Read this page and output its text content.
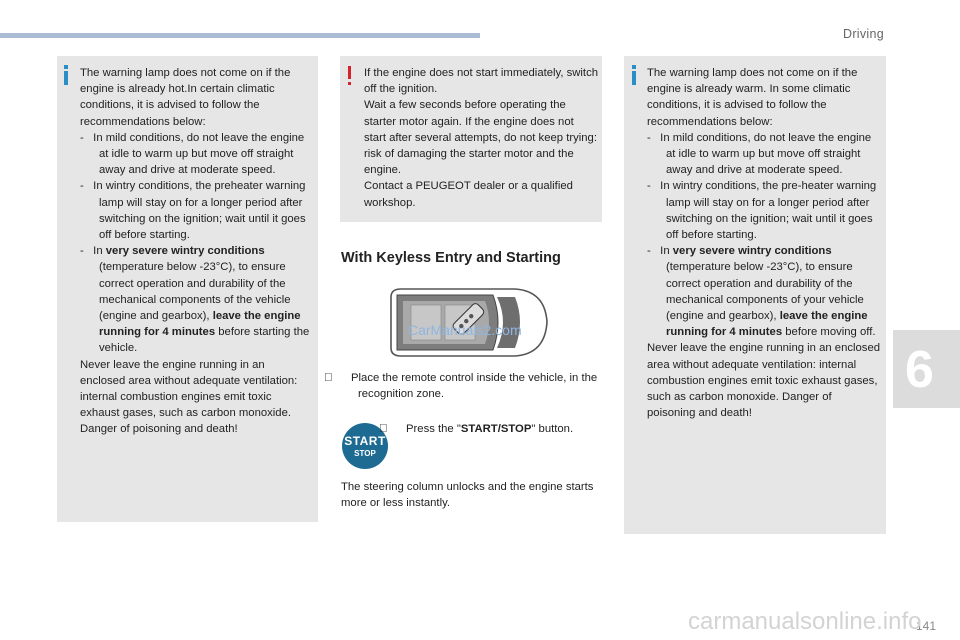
Driving
6

The warning lamp does not come on if the engine is already hot.In certain climatic conditions, it is advised to follow the recommendations below:

-   In mild conditions, do not leave the engine at idle to warm up but move off straight away and drive at moderate speed.
-   In wintry conditions, the preheater warning lamp will stay on for a longer period after switching on the ignition; wait until it goes off before starting.
-   In very severe wintry conditions (temperature below -23°C), to ensure correct operation and durability of the mechanical components of the vehicle (engine and gearbox), leave the engine running for 4 minutes before starting the vehicle.

Never leave the engine running in an enclosed area without adequate ventilation: internal combustion engines emit toxic exhaust gases, such as carbon monoxide. Danger of poisoning and death!

If the engine does not start immediately, switch off the ignition.

Wait a few seconds before operating the starter motor again. If the engine does not start after several attempts, do not keep trying: risk of damaging the starter motor and the engine.

Contact a PEUGEOT dealer or a qualified workshop.

With Keyless Entry and Starting
CarManuals2.com
Place the remote control inside the vehicle, in the recognition zone.
START
STOP
Press the "START/STOP" button.
The steering column unlocks and the engine starts more or less instantly.

The warning lamp does not come on if the engine is already warm. In some climatic conditions, it is advised to follow the recommendations below:

-   In mild conditions, do not leave the engine at idle to warm up but move off straight away and drive at moderate speed.
-   In wintry conditions, the pre-heater warning lamp will stay on for a longer period after switching on the ignition; wait until it goes off before starting.
-   In very severe wintry conditions (temperature below -23°C), to ensure correct operation and durability of the mechanical components of your vehicle (engine and gearbox), leave the engine running for 4 minutes before moving off.

Never leave the engine running in an enclosed area without adequate ventilation: internal combustion engines emit toxic exhaust gases, such as carbon monoxide. Danger of poisoning and death!

141
carmanualsonline.info
